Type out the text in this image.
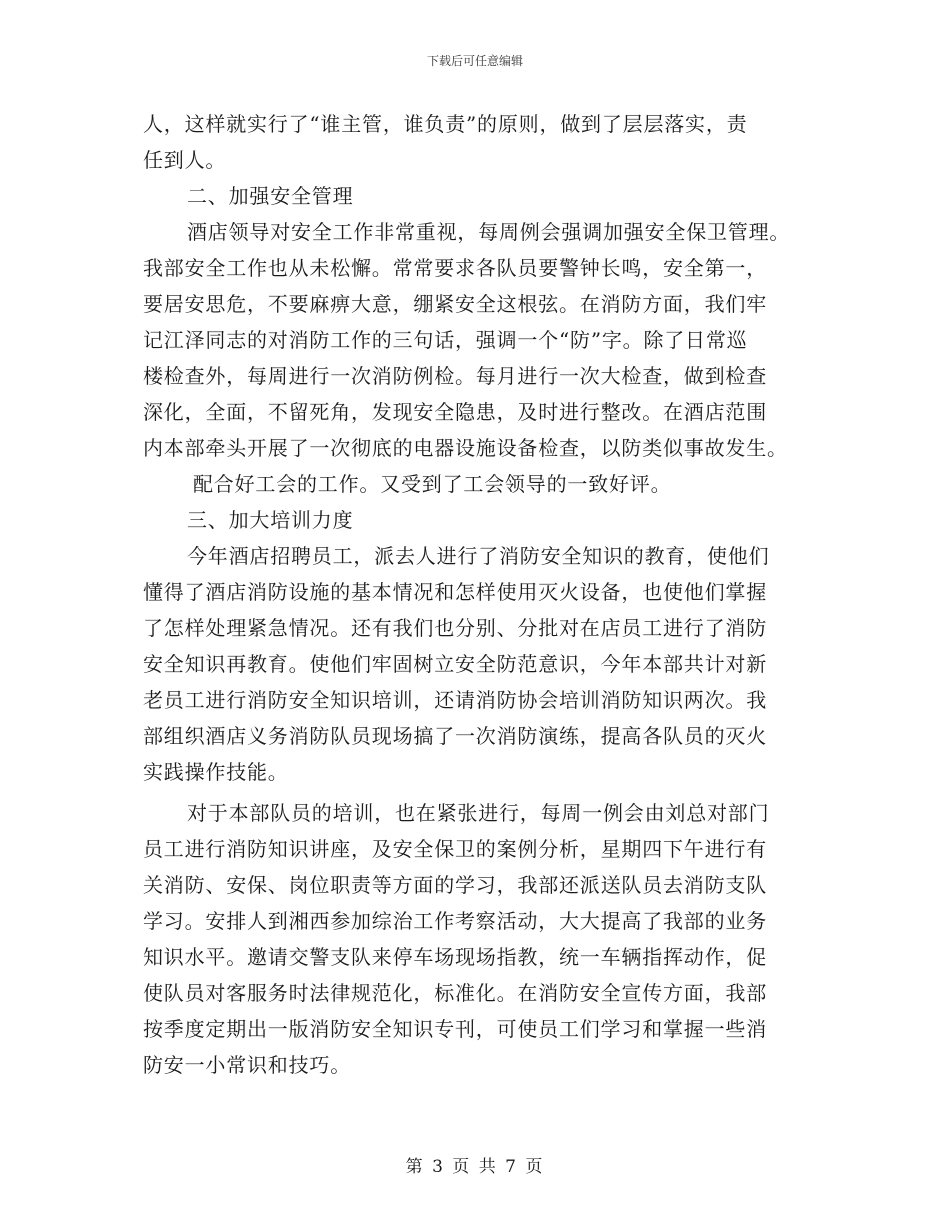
下载后可任意编辑
人，这样就实行了“谁主管，谁负责”的原则，做到了层层落实，责
任到人。
二、加强安全管理
酒店领导对安全工作非常重视，每周例会强调加强安全保卫管理。
我部安全工作也从未松懈。常常要求各队员要警钟长鸣，安全第一，
要居安思危，不要麻痹大意，绷紧安全这根弦。在消防方面，我们牢
记江泽同志的对消防工作的三句话，强调一个“防”字。除了日常巡
楼检查外，每周进行一次消防例检。每月进行一次大检查，做到检查
深化，全面，不留死角，发现安全隐患，及时进行整改。在酒店范围
内本部牵头开展了一次彻底的电器设施设备检查，以防类似事故发生。
配合好工会的工作。又受到了工会领导的一致好评。
三、加大培训力度
今年酒店招聘员工，派去人进行了消防安全知识的教育，使他们
懂得了酒店消防设施的基本情况和怎样使用灭火设备，也使他们掌握
了怎样处理紧急情况。还有我们也分别、分批对在店员工进行了消防
安全知识再教育。使他们牢固树立安全防范意识，今年本部共计对新
老员工进行消防安全知识培训，还请消防协会培训消防知识两次。我
部组织酒店义务消防队员现场搞了一次消防演练，提高各队员的灭火
实践操作技能。
对于本部队员的培训，也在紧张进行，每周一例会由刘总对部门
员工进行消防知识讲座，及安全保卫的案例分析，星期四下午进行有
关消防、安保、岗位职责等方面的学习，我部还派送队员去消防支队
学习。安排人到湘西参加综治工作考察活动，大大提高了我部的业务
知识水平。邀请交警支队来停车场现场指教，统一车辆指挥动作，促
使队员对客服务时法律规范化，标准化。在消防安全宣传方面，我部
按季度定期出一版消防安全知识专刊，可使员工们学习和掌握一些消
防安一小常识和技巧。
第 3 页 共 7 页
